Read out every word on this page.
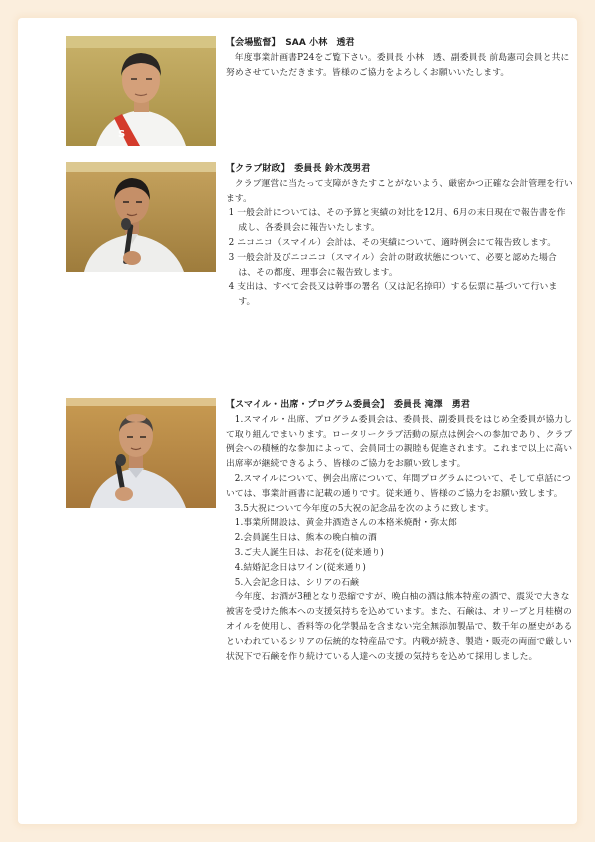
S
【会場監督】　SAA 小林　透君

年度事業計画書P24をご覧下さい。委員長 小林　透、副委員長 前島憲司会員と共に努めさせていただきます。皆様のご協力をよろしくお願いいたします。

【クラブ財政】　委員長 鈴木茂男君

クラブ運営に当たって支障がきたすことがないよう、厳密かつ正確な会計管理を行います。

1 一般会計については、その予算と実績の対比を12月、6月の末日現在で報告書を作成し、各委員会に報告いたします。

2 ニコニコ（スマイル）会計は、その実績について、適時例会にて報告致します。

3 一般会計及びニコニコ（スマイル）会計の財政状態について、必要と認めた場合は、その都度、理事会に報告致します。

4 支出は、すべて会長又は幹事の署名（又は記名捺印）する伝票に基づいて行います。

【スマイル・出席・プログラム委員会】　委員長 滝澤　勇君

1.スマイル・出席、プログラム委員会は、委員長、副委員長をはじめ全委員が協力して取り組んでまいります。ロータリークラブ活動の原点は例会への参加であり、クラブ例会への積極的な参加によって、会員同士の親睦も促進されます。これまで以上に高い出席率が継続できるよう、皆様のご協力をお願い致します。

2.スマイルについて、例会出席について、年間プログラムについて、そして卓話については、事業計画書に記載の通りです。従来通り、皆様のご協力をお願い致します。

3.5大祝について今年度の5大祝の記念品を次のように致します。

1.事業所開設は、黄金井酒造さんの本格米焼酎・弥太郎

2.会員誕生日は、熊本の晩白柚の酒

3.ご夫人誕生日は、お花を(従来通り)

4.結婚記念日はワイン(従来通り)

5.入会記念日は、シリアの石鹸

今年度、お酒が3種となり恐縮ですが、晩白柚の酒は熊本特産の酒で、震災で大きな被害を受けた熊本への支援気持ちを込めています。また、石鹸は、オリーブと月桂樹のオイルを使用し、香料等の化学製品を含まない完全無添加製品で、数千年の歴史があるといわれているシリアの伝統的な特産品です。内戦が続き、製造・販売の両面で厳しい状況下で石鹸を作り続けている人達への支援の気持ちを込めて採用しました。
